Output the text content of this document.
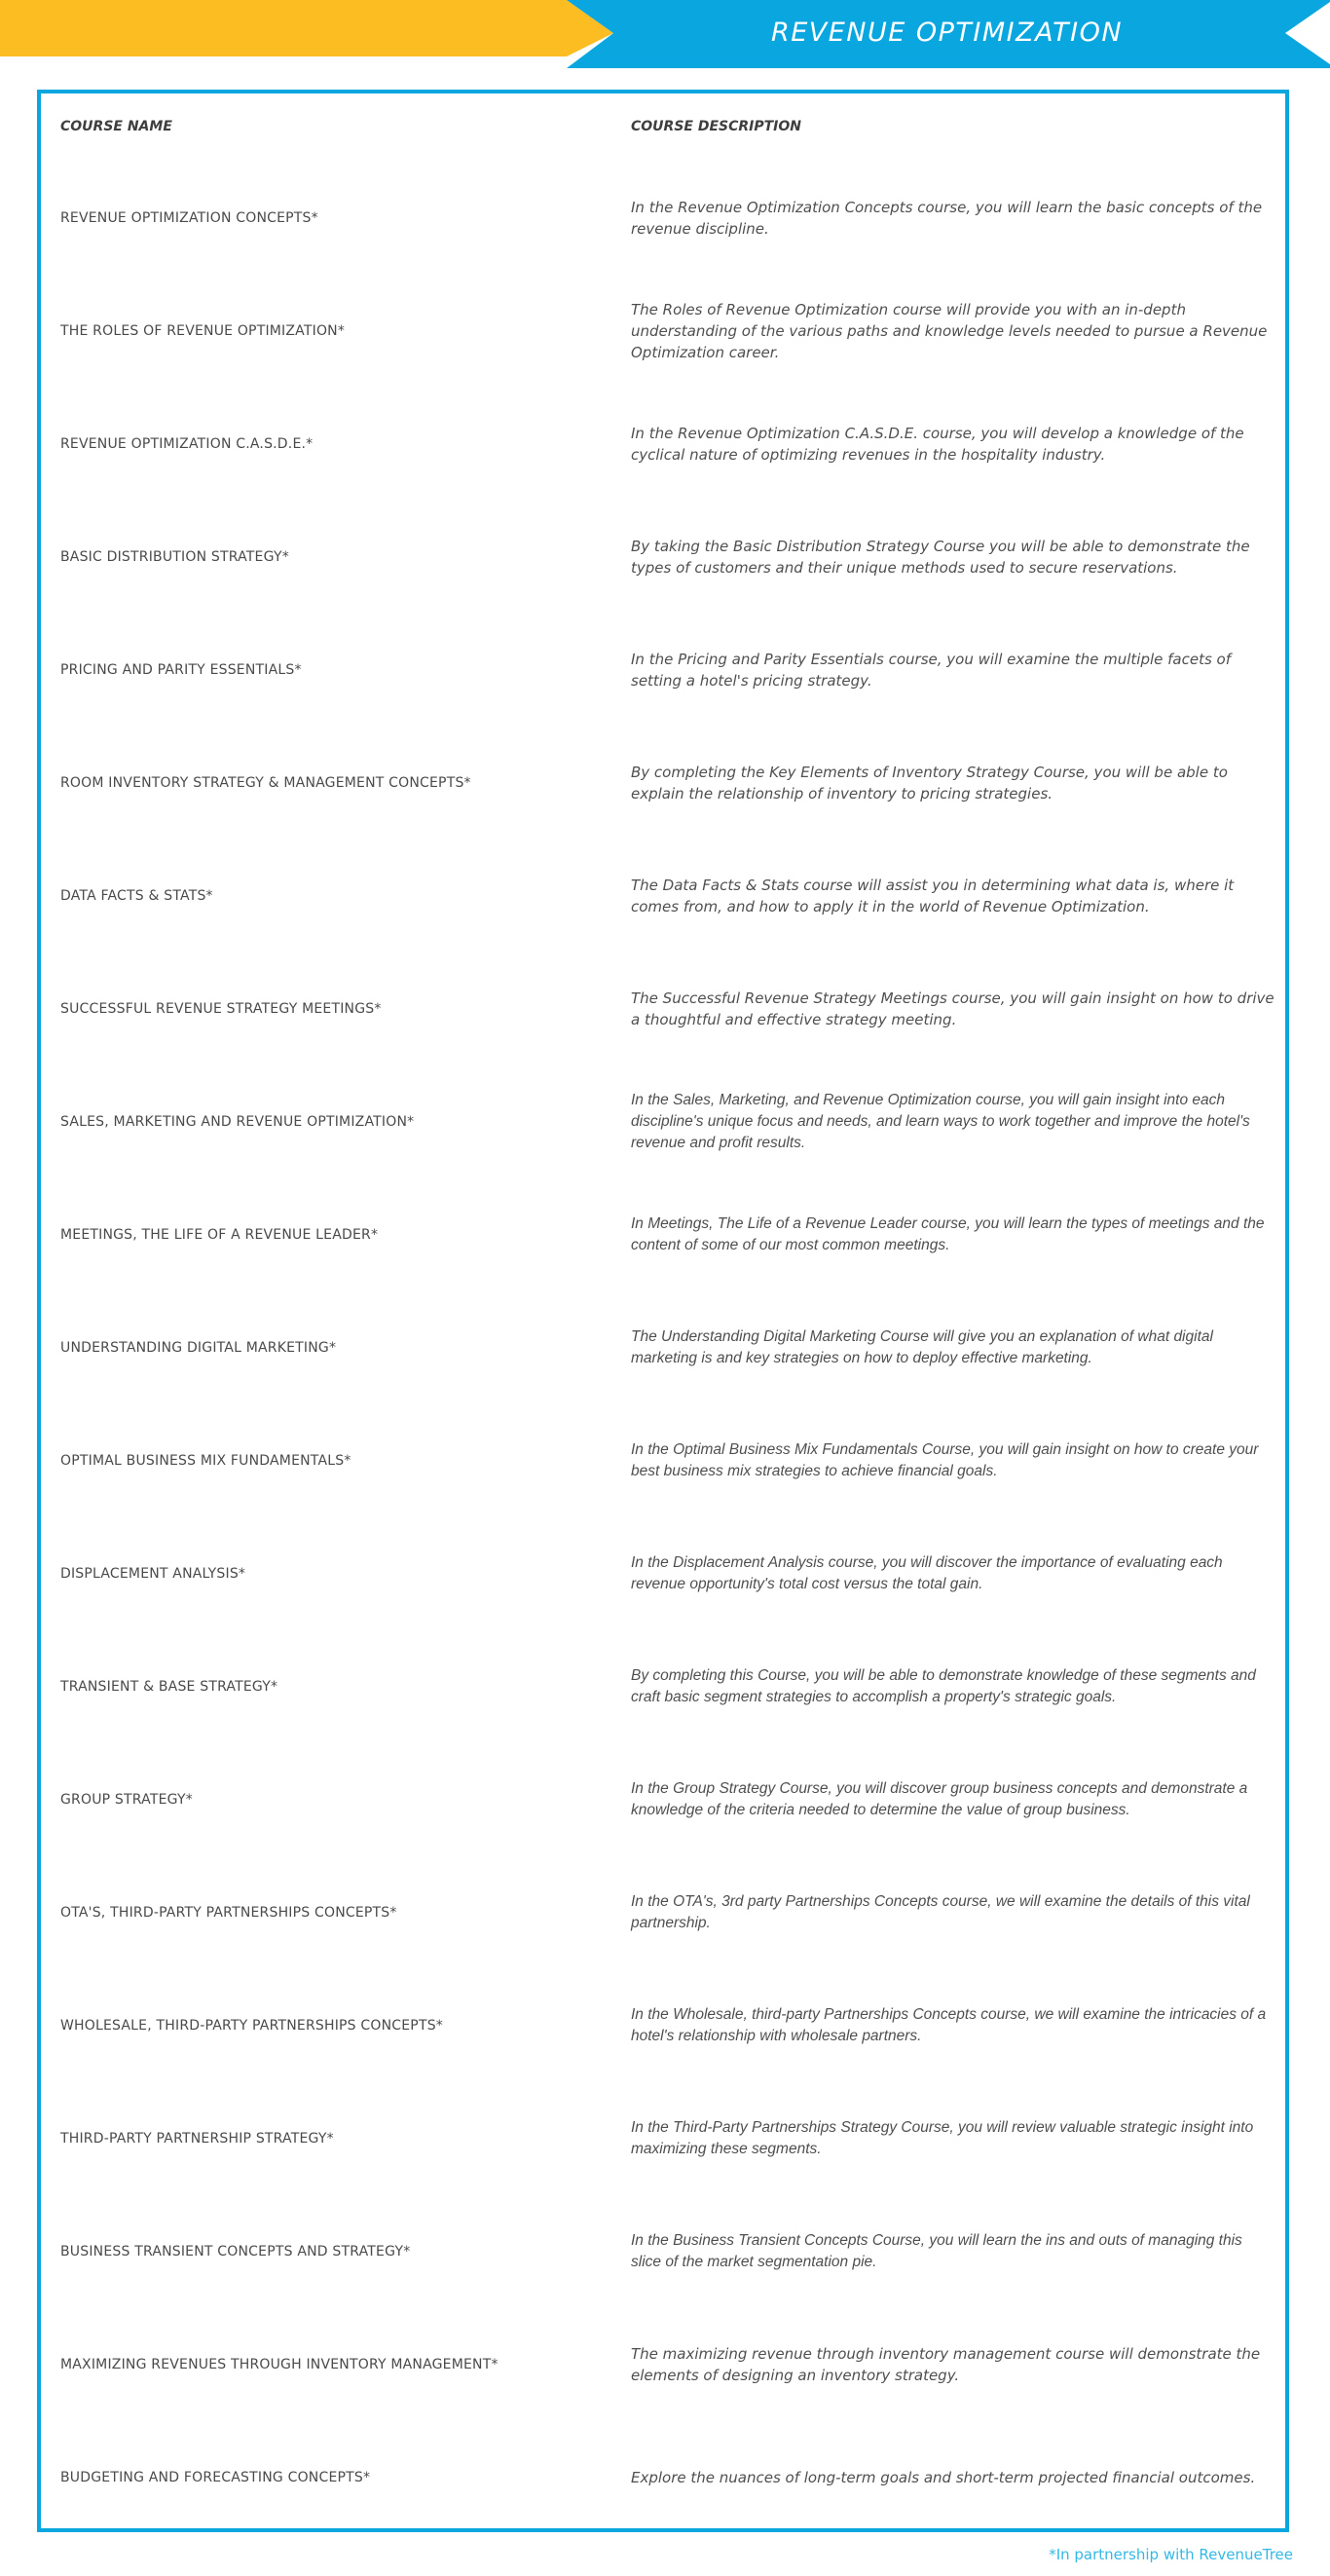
REVENUE OPTIMIZATION
COURSE NAME	COURSE DESCRIPTION
REVENUE OPTIMIZATION CONCEPTS*
In the Revenue Optimization Concepts course, you will learn the basic concepts of the revenue discipline.
THE ROLES OF REVENUE OPTIMIZATION*
The Roles of Revenue Optimization course will provide you with an in-depth understanding of the various paths and knowledge levels needed to pursue a Revenue Optimization career.
REVENUE OPTIMIZATION C.A.S.D.E.*
In the Revenue Optimization C.A.S.D.E. course, you will develop a knowledge of the cyclical nature of optimizing revenues in the hospitality industry.
BASIC DISTRIBUTION STRATEGY*
By taking the Basic Distribution Strategy Course you will be able to demonstrate the types of customers and their unique methods used to secure reservations.
PRICING AND PARITY ESSENTIALS*
In the Pricing and Parity Essentials course, you will examine the multiple facets of setting a hotel's pricing strategy.
ROOM INVENTORY STRATEGY & MANAGEMENT CONCEPTS*
By completing the Key Elements of Inventory Strategy Course, you will be able to explain the relationship of inventory to pricing strategies.
DATA FACTS & STATS*
The Data Facts & Stats course will assist you in determining what data is, where it comes from, and how to apply it in the world of Revenue Optimization.
SUCCESSFUL REVENUE STRATEGY MEETINGS*
The Successful Revenue Strategy Meetings course, you will gain insight on how to drive a thoughtful and effective strategy meeting.
SALES, MARKETING AND REVENUE OPTIMIZATION*
In the Sales, Marketing, and Revenue Optimization course, you will gain insight into each discipline's unique focus and needs, and learn ways to work together and improve the hotel's revenue and profit results.
MEETINGS, THE LIFE OF A REVENUE LEADER*
In Meetings, The Life of a Revenue Leader course, you will learn the types of meetings and the content of some of our most common meetings.
UNDERSTANDING DIGITAL MARKETING*
The Understanding Digital Marketing Course will give you an explanation of what digital marketing is and key strategies on how to deploy effective marketing.
OPTIMAL BUSINESS MIX FUNDAMENTALS*
In the Optimal Business Mix Fundamentals Course, you will gain insight on how to create your best business mix strategies to achieve financial goals.
DISPLACEMENT ANALYSIS*
In the Displacement Analysis course, you will discover the importance of evaluating each revenue opportunity's total cost versus the total gain.
TRANSIENT & BASE STRATEGY*
By completing this Course, you will be able to demonstrate knowledge of these segments and craft basic segment strategies to accomplish a property's strategic goals.
GROUP STRATEGY*
In the Group Strategy Course, you will discover group business concepts and demonstrate a knowledge of the criteria needed to determine the value of group business.
OTA'S, THIRD-PARTY PARTNERSHIPS CONCEPTS*
In the OTA's, 3rd party Partnerships Concepts course, we will examine the details of this vital partnership.
WHOLESALE, THIRD-PARTY PARTNERSHIPS CONCEPTS*
In the Wholesale, third-party Partnerships Concepts course, we will examine the intricacies of a hotel's relationship with wholesale partners.
THIRD-PARTY PARTNERSHIP STRATEGY*
In the Third-Party Partnerships Strategy Course, you will review valuable strategic insight into maximizing these segments.
BUSINESS TRANSIENT CONCEPTS AND STRATEGY*
In the Business Transient Concepts Course, you will learn the ins and outs of managing this slice of the market segmentation pie.
MAXIMIZING REVENUES THROUGH INVENTORY MANAGEMENT*
The maximizing revenue through inventory management course will demonstrate the elements of designing an inventory strategy.
BUDGETING AND FORECASTING CONCEPTS*	Explore the nuances of long-term goals and short-term projected financial outcomes.
*In partnership with RevenueTree
